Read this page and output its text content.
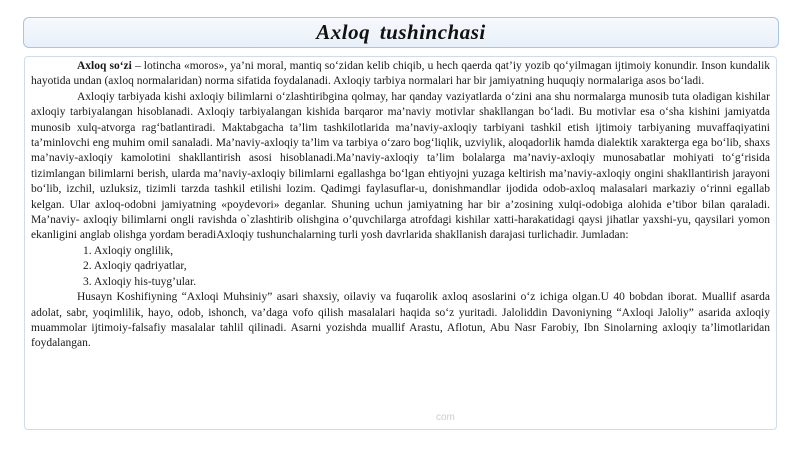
Axloq tushinchasi

Axloq so‘zi – lotincha «moros», ya’ni moral, mantiq so‘zidan kelib chiqib, u hech qaerda qat’iy yozib qo‘yilmagan ijtimoiy konundir. Inson kundalik hayotida undan (axloq normalaridan) norma sifatida foydalanadi. Axloqiy tarbiya normalari har bir jamiyatning huquqiy normalariga asos bo‘ladi.

Axloqiy tarbiyada kishi axloqiy bilimlarni o‘zlashtiribgina qolmay, har qanday vaziyatlarda o‘zini ana shu normalarga munosib tuta oladigan kishilar axloqiy tarbiyalangan hisoblanadi. Axloqiy tarbiyalangan kishida barqaror ma’naviy motivlar shakllangan bo‘ladi. Bu motivlar esa o‘sha kishini jamiyatda munosib xulq-atvorga rag‘batlantiradi. Maktabgacha ta’lim tashkilotlarida ma’naviy-axloqiy tarbiyani tashkil etish ijtimoiy tarbiyaning muvaffaqiyatini ta’minlovchi eng muhim omil sanaladi. Ma’naviy-axloqiy ta’lim va tarbiya o‘zaro bog‘liqlik, uzviylik, aloqadorlik hamda dialektik xarakterga ega bo‘lib, shaxs ma’naviy-axloqiy kamolotini shakllantirish asosi hisoblanadi.Ma’naviy-axloqiy ta’lim bolalarga ma’naviy-axloqiy munosabatlar mohiyati to‘g‘risida tizimlangan bilimlarni berish, ularda ma’naviy-axloqiy bilimlarni egallashga bo‘lgan ehtiyojni yuzaga keltirish ma’naviy-axloqiy ongini shakllantirish jarayoni bo‘lib, izchil, uzluksiz, tizimli tarzda tashkil etilishi lozim. Qadimgi faylasuflar-u, donishmandlar ijodida odob-axloq malasalari markaziy o‘rinni egallab kelgan. Ular axloq-odobni jamiyatning «poydevori» deganlar. Shuning uchun jamiyatning har bir a’zosining xulqi-odobiga alohida e’tibor bilan qaraladi. Ma’naviy- axloqiy bilimlarni ongli ravishda o`zlashtirib olishgina o’quvchilarga atrofdagi kishilar xatti-harakatidagi qaysi jihatlar yaxshi-yu, qaysilari yomon ekanligini anglab olishga yordam beradiAxloqiy tushunchalarning turli yosh davrlarida shakllanish darajasi turlichadir. Jumladan:

1. Axloqiy onglilik,

2. Axloqiy qadriyatlar,

3. Axloqiy his-tuyg’ular.

Husayn Koshifiyning “Axloqi Muhsiniy” asari shaxsiy, oilaviy va fuqarolik axloq asoslarini o‘z ichiga olgan.U 40 bobdan iborat. Muallif asarda adolat, sabr, yoqimlilik, hayo, odob, ishonch, va’daga vofo qilish masalalari haqida so‘z yuritadi. Jaloliddin Davoniyning “Axloqi Jaloliy” asarida axloqiy muammolar ijtimoiy-falsafiy masalalar tahlil qilinadi. Asarni yozishda muallif Arastu, Aflotun, Abu Nasr Farobiy, Ibn Sinolarning axloqiy ta’limotlaridan foydalangan.

com
